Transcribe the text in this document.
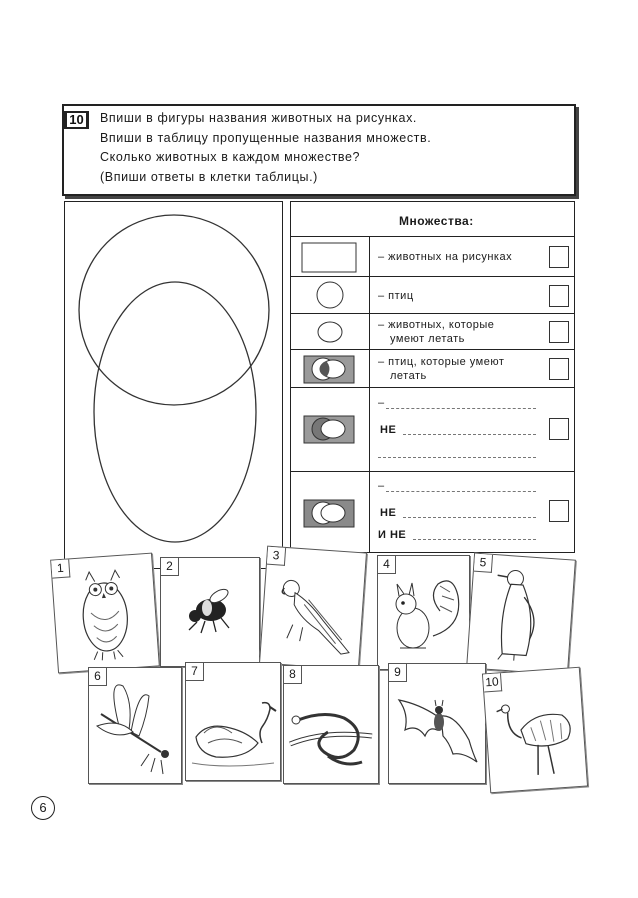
10	Впиши в фигуры названия животных на рисунках.
Впиши в таблицу пропущенные названия множеств.
Сколько животных в каждом множестве?
(Впиши ответы в клетки таблицы.)
Множества:
– животных на рисунках
– птиц
– животных, которые
умеют летать
– птиц, которые умеют
летать
–
НЕ
–
НЕ
И НЕ
1	2
3
4	5
6	7	8	9
10
6
